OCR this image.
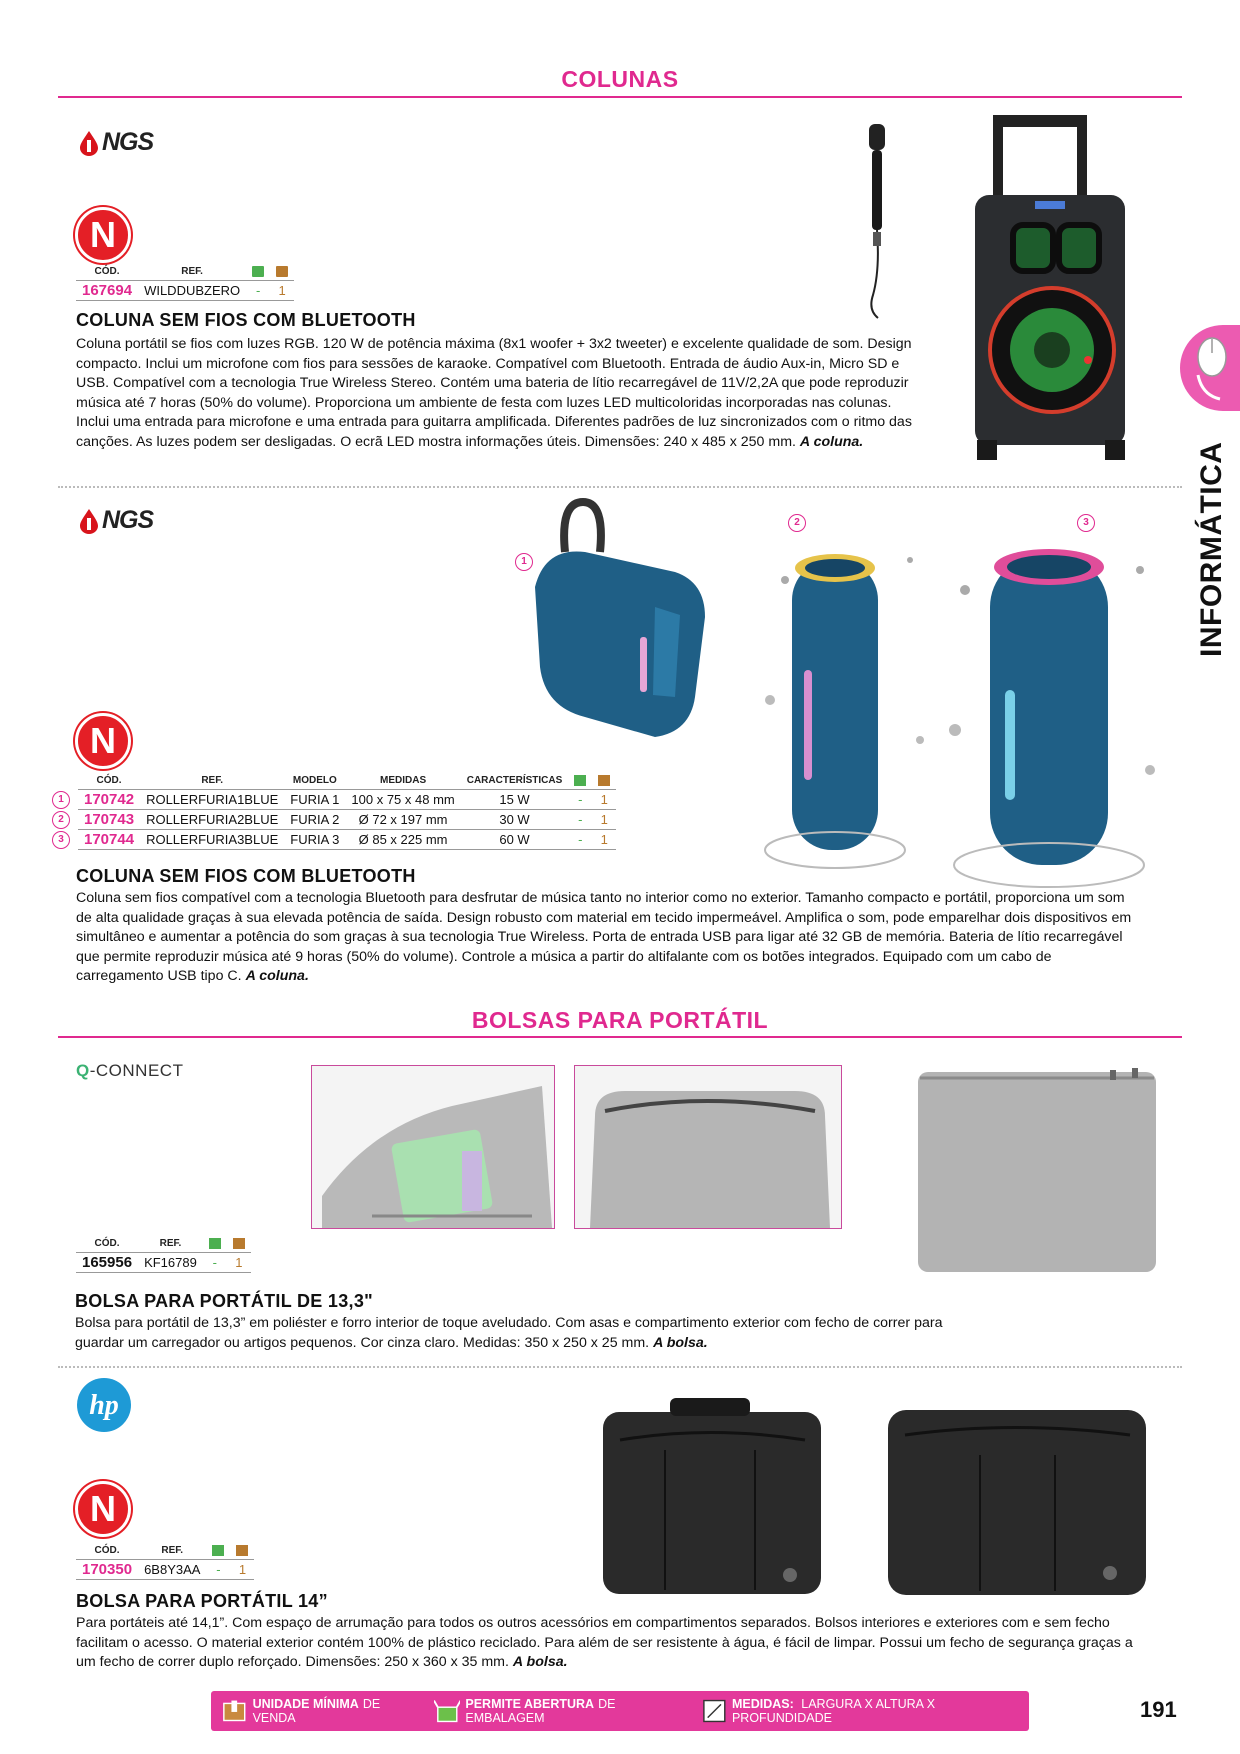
COLUNAS
NGS
N
CÓD.	REF.		
167694	WILDDUBZERO	-	1
COLUNA SEM FIOS COM BLUETOOTH
Coluna portátil se fios com luzes RGB. 120 W de potência máxima (8x1 woofer + 3x2 tweeter) e excelente qualidade de som. Design compacto. Inclui um microfone com fios para sessões de karaoke. Compatível com Bluetooth. Entrada de áudio Aux-in, Micro SD e USB. Compatível com a tecnologia True Wireless Stereo. Contém uma bateria de lítio recarregável de 11V/2,2A que pode reproduzir música até 7 horas (50% do volume). Proporciona um ambiente de festa com luzes LED multicoloridas incorporadas nas colunas. Inclui uma entrada para microfone e uma entrada para guitarra amplificada. Diferentes padrões de luz sincronizados com o ritmo das canções. As luzes podem ser desligadas. O ecrã LED mostra informações úteis. Dimensões: 240 x 485 x 250 mm. A coluna.	INFORMÁTICA
NGS
1
2	3
N
	CÓD.	REF.	MODELO	MEDIDAS	CARACTERÍSTICAS		
1	170742	ROLLERFURIA1BLUE	FURIA 1	100 x 75 x 48 mm	15 W	-	1
2	170743	ROLLERFURIA2BLUE	FURIA 2	Ø 72 x 197 mm	30 W	-	1
3	170744	ROLLERFURIA3BLUE	FURIA 3	Ø 85 x 225 mm	60 W	-	1
COLUNA SEM FIOS COM BLUETOOTH
Coluna sem fios compatível com a tecnologia Bluetooth para desfrutar de música tanto no interior como no exterior. Tamanho compacto e portátil, proporciona um som de alta qualidade graças à sua elevada potência de saída. Design robusto com material em tecido impermeável. Amplifica o som, pode emparelhar dois dispositivos em simultâneo e aumentar a potência do som graças à sua tecnologia True Wireless. Porta de entrada USB para ligar até 32 GB de memória. Bateria de lítio recarregável que permite reproduzir música até 9 horas (50% do volume). Controle a música a partir do altifalante com os botões integrados. Equipado com um cabo de carregamento USB tipo C. A coluna.
BOLSAS PARA PORTÁTIL
Q-CONNECT
CÓD.	REF.		
165956	KF16789	-	1
BOLSA PARA PORTÁTIL DE 13,3"
Bolsa para portátil de 13,3” em poliéster e forro interior de toque aveludado. Com asas e compartimento exterior com fecho de correr para guardar um carregador ou artigos pequenos. Cor cinza claro. Medidas: 350 x 250 x 25 mm. A bolsa.
hp
N
CÓD.	REF.		
170350	6B8Y3AA	-	1
BOLSA PARA PORTÁTIL 14”
Para portáteis até 14,1”. Com espaço de arrumação para todos os outros acessórios em compartimentos separados. Bolsos interiores e exteriores com e sem fecho facilitam o acesso. O material exterior contém 100% de plástico reciclado. Para além de ser resistente à água, é fácil de limpar. Possui um fecho de segurança graças a um fecho de correr duplo reforçado. Dimensões: 250 x 360 x 35 mm. A bolsa.
UNIDADE MÍNIMA DE VENDA
PERMITE ABERTURA DE EMBALAGEM
MEDIDAS: LARGURA X ALTURA X PROFUNDIDADE	191
